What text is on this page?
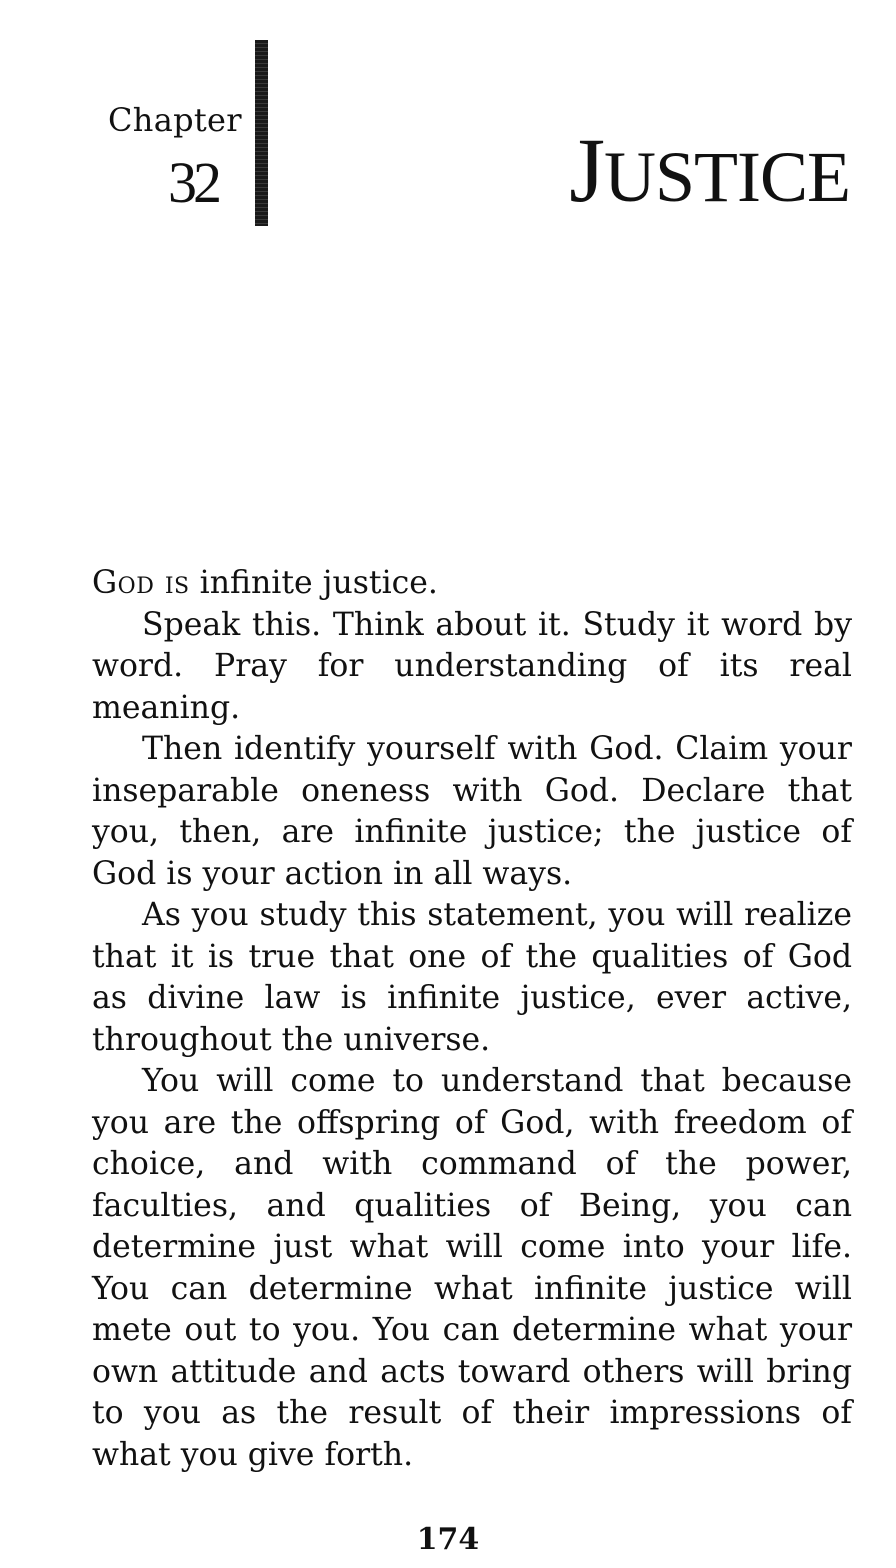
Chapter
32	JUSTICE

God is infinite justice.

Speak this. Think about it. Study it word by word. Pray for understanding of its real meaning.

Then identify yourself with God. Claim your inseparable oneness with God. Declare that you, then, are infinite justice; the justice of God is your action in all ways.

As you study this statement, you will realize that it is true that one of the qualities of God as divine law is infinite justice, ever active, throughout the universe.

You will come to understand that because you are the offspring of God, with freedom of choice, and with command of the power, faculties, and qualities of Being, you can determine just what will come into your life. You can determine what infinite justice will mete out to you. You can determine what your own attitude and acts toward others will bring to you as the result of their impressions of what you give forth.

174
